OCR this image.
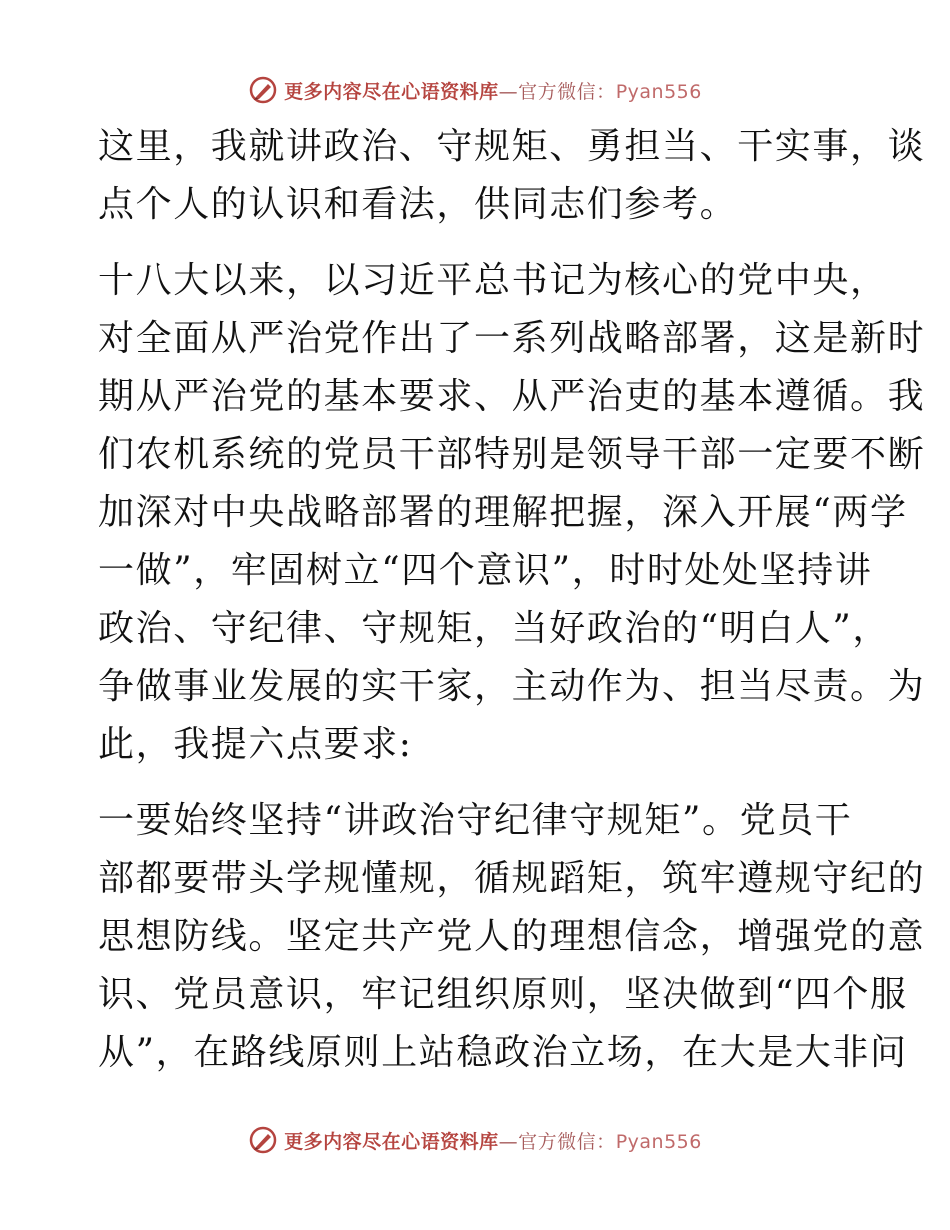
更多内容尽在心语资料库—官方微信：Pyan556

这里，我就讲政治、守规矩、勇担当、干实事，谈
点个人的认识和看法，供同志们参考。

十八大以来，以习近平总书记为核心的党中央，
对全面从严治党作出了一系列战略部署，这是新时
期从严治党的基本要求、从严治吏的基本遵循。我
们农机系统的党员干部特别是领导干部一定要不断
加深对中央战略部署的理解把握，深入开展“两学
一做”，牢固树立“四个意识”，时时处处坚持讲
政治、守纪律、守规矩，当好政治的“明白人”，
争做事业发展的实干家，主动作为、担当尽责。为
此，我提六点要求:

一要始终坚持“讲政治守纪律守规矩”。党员干
部都要带头学规懂规，循规蹈矩，筑牢遵规守纪的
思想防线。坚定共产党人的理想信念，增强党的意
识、党员意识，牢记组织原则，坚决做到“四个服
从”，在路线原则上站稳政治立场，在大是大非问

更多内容尽在心语资料库—官方微信：Pyan556
